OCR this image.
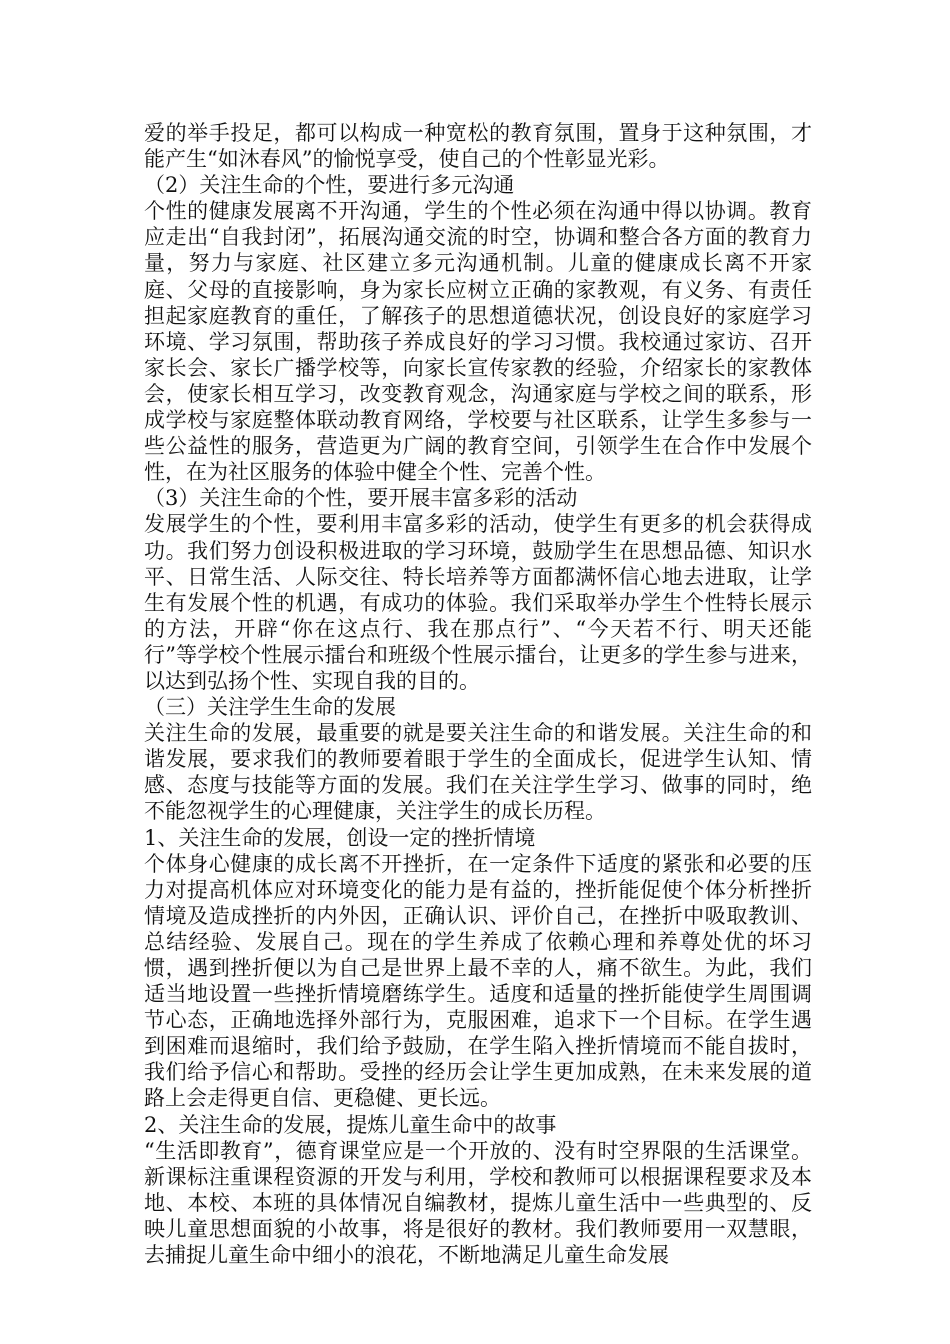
爱的举手投足，都可以构成一种宽松的教育氛围，置身于这种氛围，才能产生“如沐春风”的愉悦享受，使自己的个性彰显光彩。

（2）关注生命的个性，要进行多元沟通

个性的健康发展离不开沟通，学生的个性必须在沟通中得以协调。教育应走出“自我封闭”，拓展沟通交流的时空，协调和整合各方面的教育力量，努力与家庭、社区建立多元沟通机制。儿童的健康成长离不开家庭、父母的直接影响，身为家长应树立正确的家教观，有义务、有责任担起家庭教育的重任，了解孩子的思想道德状况，创设良好的家庭学习环境、学习氛围，帮助孩子养成良好的学习习惯。我校通过家访、召开家长会、家长广播学校等，向家长宣传家教的经验，介绍家长的家教体会，使家长相互学习，改变教育观念，沟通家庭与学校之间的联系，形成学校与家庭整体联动教育网络，学校要与社区联系，让学生多参与一些公益性的服务，营造更为广阔的教育空间，引领学生在合作中发展个性，在为社区服务的体验中健全个性、完善个性。

（3）关注生命的个性，要开展丰富多彩的活动

发展学生的个性，要利用丰富多彩的活动，使学生有更多的机会获得成功。我们努力创设积极进取的学习环境，鼓励学生在思想品德、知识水平、日常生活、人际交往、特长培养等方面都满怀信心地去进取，让学生有发展个性的机遇，有成功的体验。我们采取举办学生个性特长展示的方法，开辟“你在这点行、我在那点行”、“今天若不行、明天还能行”等学校个性展示擂台和班级个性展示擂台，让更多的学生参与进来，以达到弘扬个性、实现自我的目的。

（三）关注学生生命的发展

关注生命的发展，最重要的就是要关注生命的和谐发展。关注生命的和谐发展，要求我们的教师要着眼于学生的全面成长，促进学生认知、情感、态度与技能等方面的发展。我们在关注学生学习、做事的同时，绝不能忽视学生的心理健康，关注学生的成长历程。

1、关注生命的发展，创设一定的挫折情境

个体身心健康的成长离不开挫折，在一定条件下适度的紧张和必要的压力对提高机体应对环境变化的能力是有益的，挫折能促使个体分析挫折情境及造成挫折的内外因，正确认识、评价自己，在挫折中吸取教训、总结经验、发展自己。现在的学生养成了依赖心理和养尊处优的坏习惯，遇到挫折便以为自己是世界上最不幸的人，痛不欲生。为此，我们适当地设置一些挫折情境磨练学生。适度和适量的挫折能使学生周围调节心态，正确地选择外部行为，克服困难，追求下一个目标。在学生遇到困难而退缩时，我们给予鼓励，在学生陷入挫折情境而不能自拔时，我们给予信心和帮助。受挫的经历会让学生更加成熟，在未来发展的道路上会走得更自信、更稳健、更长远。

2、关注生命的发展，提炼儿童生命中的故事

“生活即教育”，德育课堂应是一个开放的、没有时空界限的生活课堂。新课标注重课程资源的开发与利用，学校和教师可以根据课程要求及本地、本校、本班的具体情况自编教材，提炼儿童生活中一些典型的、反映儿童思想面貌的小故事，将是很好的教材。我们教师要用一双慧眼，去捕捉儿童生命中细小的浪花，不断地满足儿童生命发展
